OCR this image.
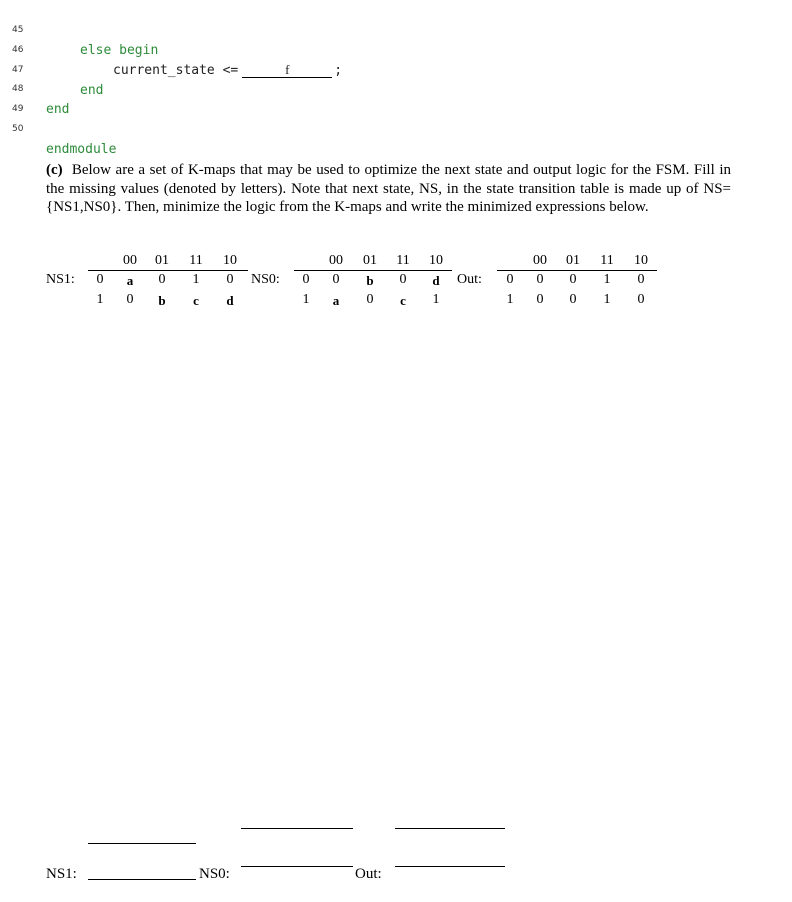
45

else begin

46

current_state <=	f	;

47

end

48

end

49

50

endmodule

(c) Below are a set of K-maps that may be used to optimize the next state and output logic for the FSM. Fill in the missing values (denoted by letters). Note that next state, NS, in the state transition table is made up of NS={NS1,NS0}. Then, minimize the logic from the K-maps and write the minimized expressions below.
NS1:
00 01 11 10
0	a	0	1	0
1	0	b	c	d
NS0:
00 01 11 10
0	0	b	0	d
1	a	0	c	1
Out:
00 01 11 10
0	0	0	1	0
1	0	0	1	0
NS1:	NS0:	Out:
